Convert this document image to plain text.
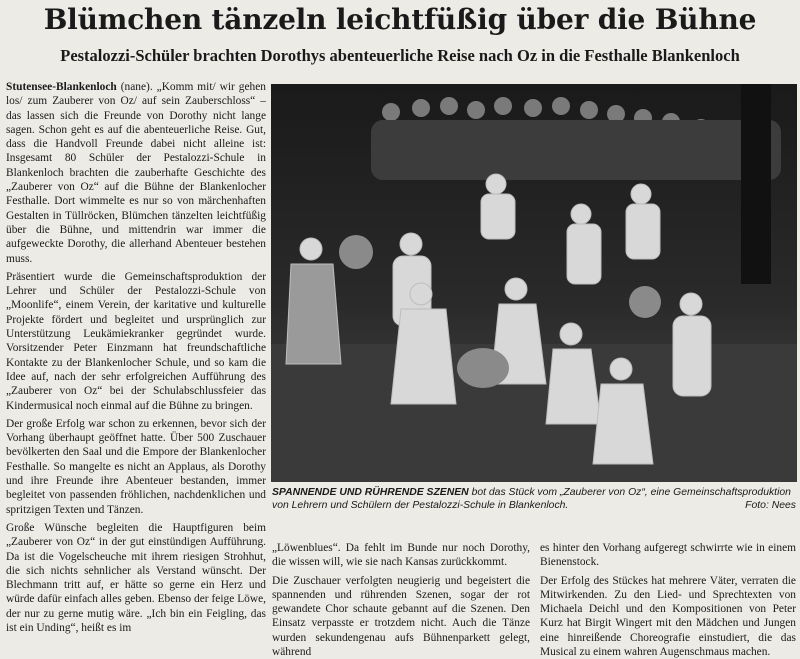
Blümchen tänzeln leichtfüßig über die Bühne
Pestalozzi-Schüler brachten Dorothys abenteuerliche Reise nach Oz in die Festhalle Blankenloch

Stutensee-Blankenloch (nane). „Komm mit/ wir gehen los/ zum Zauberer von Oz/ auf sein Zauberschloss“ – das lassen sich die Freunde von Dorothy nicht lange sagen. Schon geht es auf die abenteuerliche Reise. Gut, dass die Handvoll Freunde dabei nicht alleine ist: Insgesamt 80 Schüler der Pestalozzi-Schule in Blankenloch brachten die zauberhafte Geschichte des „Zauberer von Oz“ auf die Bühne der Blankenlocher Festhalle. Dort wimmelte es nur so von märchenhaften Gestalten in Tüllröcken, Blümchen tänzelten leichtfüßig über die Bühne, und mittendrin war immer die aufgeweckte Dorothy, die allerhand Abenteuer bestehen muss.

Präsentiert wurde die Gemeinschaftsproduktion der Lehrer und Schüler der Pestalozzi-Schule von „Moonlife“, einem Verein, der karitative und kulturelle Projekte fördert und begleitet und ursprünglich zur Unterstützung Leukämiekranker gegründet wurde. Vorsitzender Peter Einzmann hat freundschaftliche Kontakte zu der Blankenlocher Schule, und so kam die Idee auf, nach der sehr erfolgreichen Aufführung des „Zauberer von Oz“ bei der Schulabschlussfeier das Kindermusical noch einmal auf die Bühne zu bringen.

Der große Erfolg war schon zu erkennen, bevor sich der Vorhang überhaupt geöffnet hatte. Über 500 Zuschauer bevölkerten den Saal und die Empore der Blankenlocher Festhalle. So mangelte es nicht an Applaus, als Dorothy und ihre Freunde ihre Abenteuer bestanden, immer begleitet von passenden fröhlichen, nachdenklichen und spritzigen Texten und Tänzen.

Große Wünsche begleiten die Hauptfiguren beim „Zauberer von Oz“ in der gut einstündigen Aufführung. Da ist die Vogelscheuche mit ihrem riesigen Strohhut, die sich nichts sehnlicher als Verstand wünscht. Der Blechmann tritt auf, er hätte so gerne ein Herz und würde dafür einfach alles geben. Ebenso der feige Löwe, der nur zu gerne mutig wäre. „Ich bin ein Feigling, das ist ein Unding“, heißt es im

SPANNENDE UND RÜHRENDE SZENEN bot das Stück vom „Zauberer von Oz“, eine Gemeinschaftsproduktion von Lehrern und Schülern der Pestalozzi-Schule in Blankenloch.	Foto: Nees

„Löwenblues“. Da fehlt im Bunde nur noch Dorothy, die wissen will, wie sie nach Kansas zurückkommt.

Die Zuschauer verfolgten neugierig und begeistert die spannenden und rührenden Szenen, sogar der rot gewandete Chor schaute gebannt auf die Szenen. Den Einsatz verpasste er trotzdem nicht. Auch die Tänze wurden sekundengenau aufs Bühnenparkett gelegt, während

es hinter den Vorhang aufgeregt schwirrte wie in einem Bienenstock.

Der Erfolg des Stückes hat mehrere Väter, verraten die Mitwirkenden. Zu den Lied- und Sprechtexten von Michaela Deichl und den Kompositionen von Peter Kurz hat Birgit Wingert mit den Mädchen und Jungen eine hinreißende Choreografie einstudiert, die das Musical zu einem wahren Augenschmaus machen.
